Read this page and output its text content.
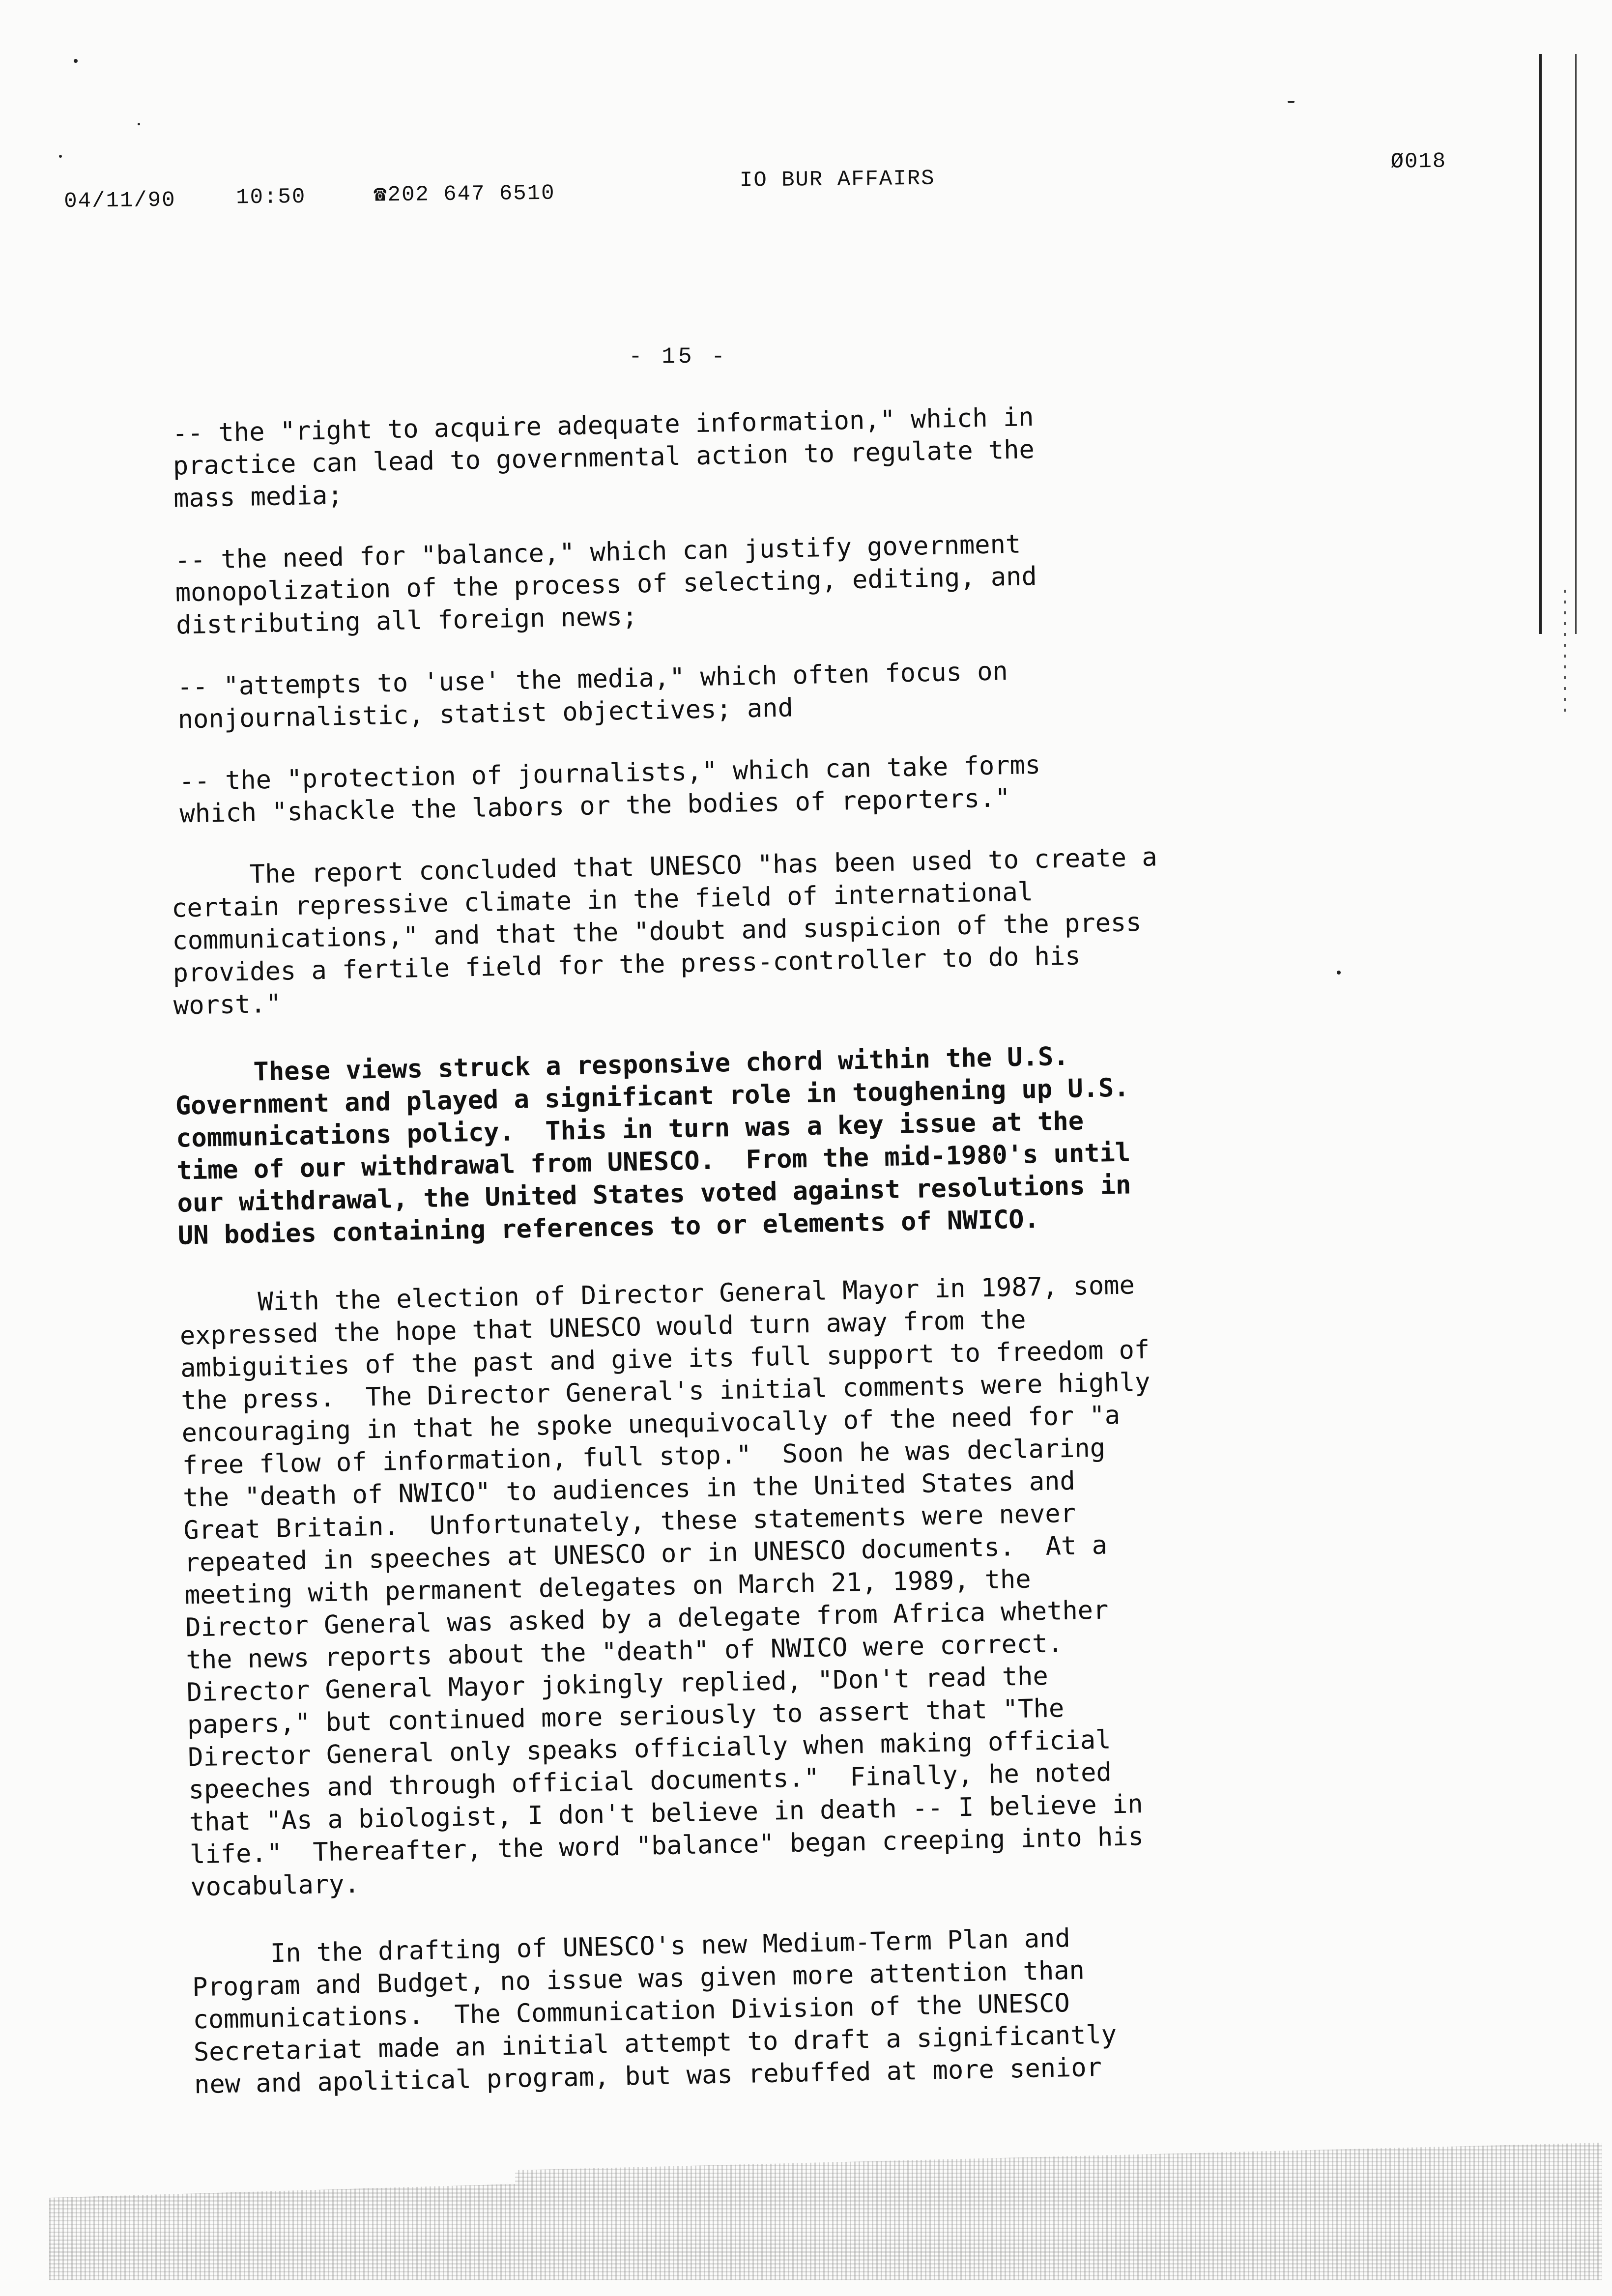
04/11/90	10:50	☎202 647 6510
IO BUR AFFAIRS
Ø018
- 15 -
-- the "right to acquire adequate information," which in
practice can lead to governmental action to regulate the
mass media;
-- the need for "balance," which can justify government
monopolization of the process of selecting, editing, and
distributing all foreign news;
-- "attempts to 'use' the media," which often focus on
nonjournalistic, statist objectives; and
-- the "protection of journalists," which can take forms
which "shackle the labors or the bodies of reporters."
The report concluded that UNESCO "has been used to create a
certain repressive climate in the field of international
communications," and that the "doubt and suspicion of the press
provides a fertile field for the press-controller to do his
worst."
These views struck a responsive chord within the U.S.
Government and played a significant role in toughening up U.S.
communications policy.  This in turn was a key issue at the
time of our withdrawal from UNESCO.  From the mid-1980's until
our withdrawal, the United States voted against resolutions in
UN bodies containing references to or elements of NWICO.
With the election of Director General Mayor in 1987, some
expressed the hope that UNESCO would turn away from the
ambiguities of the past and give its full support to freedom of
the press.  The Director General's initial comments were highly
encouraging in that he spoke unequivocally of the need for "a
free flow of information, full stop."  Soon he was declaring
the "death of NWICO" to audiences in the United States and
Great Britain.  Unfortunately, these statements were never
repeated in speeches at UNESCO or in UNESCO documents.  At a
meeting with permanent delegates on March 21, 1989, the
Director General was asked by a delegate from Africa whether
the news reports about the "death" of NWICO were correct.
Director General Mayor jokingly replied, "Don't read the
papers," but continued more seriously to assert that "The
Director General only speaks officially when making official
speeches and through official documents."  Finally, he noted
that "As a biologist, I don't believe in death -- I believe in
life."  Thereafter, the word "balance" began creeping into his
vocabulary.
In the drafting of UNESCO's new Medium-Term Plan and
Program and Budget, no issue was given more attention than
communications.  The Communication Division of the UNESCO
Secretariat made an initial attempt to draft a significantly
new and apolitical program, but was rebuffed at more senior
